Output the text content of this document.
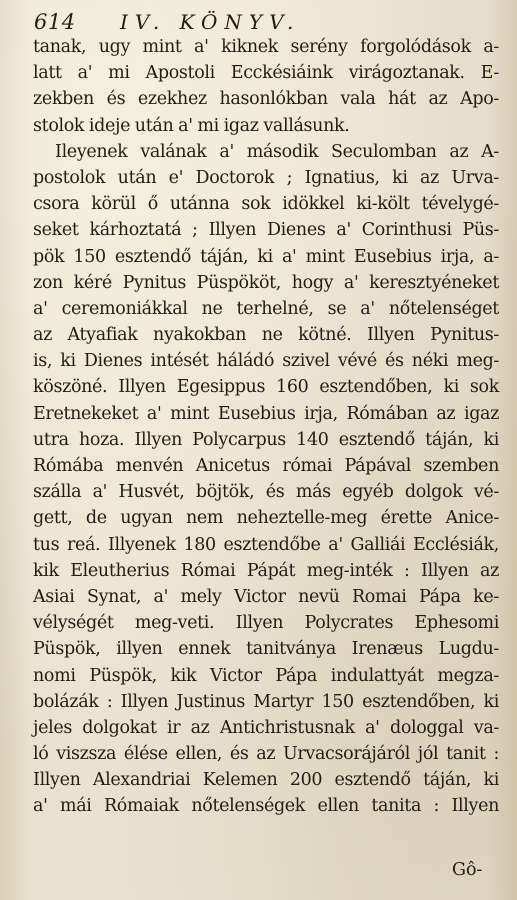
614 IV. KÖNYV.
tanak, ugy mint a' kiknek serény forgolódások a-
latt a' mi Apostoli Ecckésiáink virágoztanak. E-
zekben és ezekhez hasonlókban vala hát az Apo-
stolok ideje után a' mi igaz vallásunk.
Ileyenek valának a' második Seculomban az A-
postolok után e' Doctorok ; Ignatius, ki az Urva-
csora körül ő utánna sok idökkel ki-költ tévelygé-
seket kárhoztatá ; Illyen Dienes a' Corinthusi Püs-
pök 150 esztendő táján, ki a' mint Eusebius irja, a-
zon kéré Pynitus Püspököt, hogy a' keresztyéneket
a' ceremoniákkal ne terhelné, se a' nőtelenséget
az Atyafiak nyakokban ne kötné. Illyen Pynitus-
is, ki Dienes intését háládó szivel vévé és néki meg-
köszöné. Illyen Egesippus 160 esztendőben, ki sok
Eretnekeket a' mint Eusebius irja, Rómában az igaz
utra hoza. Illyen Polycarpus 140 esztendő táján, ki
Rómába menvén Anicetus római Pápával szemben
szálla a' Husvét, böjtök, és más egyéb dolgok vé-
gett, de ugyan nem neheztelle-meg érette Anice-
tus reá. Illyenek 180 esztendőbe a' Galliái Ecclésiák,
kik Eleutherius Római Pápát meg-inték : Illyen az
Asiai Synat, a' mely Victor nevü Romai Pápa ke-
vélységét meg-veti. Illyen Polycrates Ephesomi
Püspök, illyen ennek tanitványa Irenæus Lugdu-
nomi Püspök, kik Victor Pápa indulattyát megza-
bolázák : Illyen Justinus Martyr 150 esztendőben, ki
jeles dolgokat ir az Antichristusnak a' dologgal va-
ló viszsza élése ellen, és az Urvacsorájáról jól tanit :
Illyen Alexandriai Kelemen 200 esztendő táján, ki
a' mái Rómaiak nőtelenségek ellen tanita : Illyen
Gô-
